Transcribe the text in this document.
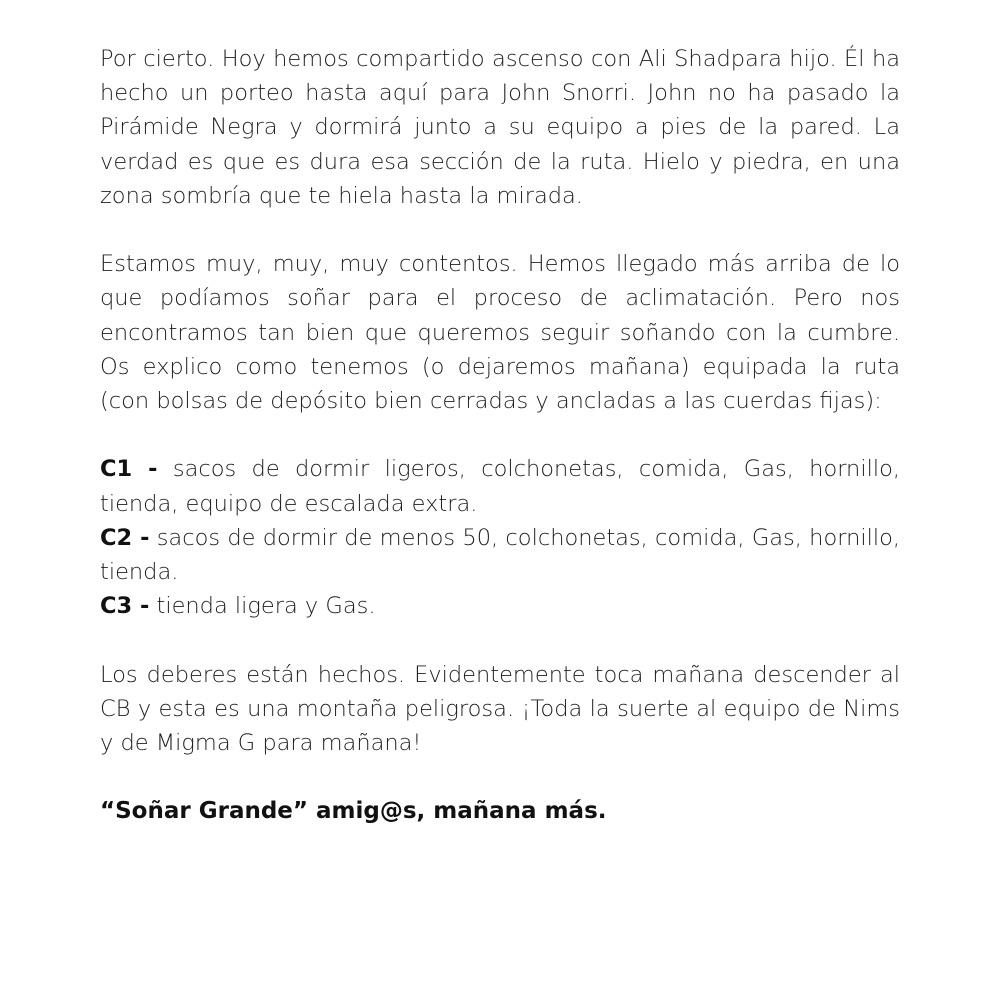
Por cierto. Hoy hemos compartido ascenso con Ali Shadpara hijo. Él ha hecho un porteo hasta aquí para John Snorri. John no ha pasado la Pirámide Negra y dormirá junto a su equipo a pies de la pared. La verdad es que es dura esa sección de la ruta. Hielo y piedra, en una zona sombría que te hiela hasta la mirada.

Estamos muy, muy, muy contentos. Hemos llegado más arriba de lo que podíamos soñar para el proceso de aclimatación. Pero nos encontramos tan bien que queremos seguir soñando con la cumbre. Os explico como tenemos (o dejaremos mañana) equipada la ruta (con bolsas de depósito bien cerradas y ancladas a las cuerdas fijas):

C1 - sacos de dormir ligeros, colchonetas, comida, Gas, hornillo, tienda, equipo de escalada extra.

C2 - sacos de dormir de menos 50, colchonetas, comida, Gas, hornillo, tienda.

C3 - tienda ligera y Gas.

Los deberes están hechos. Evidentemente toca mañana descender al CB y esta es una montaña peligrosa. ¡Toda la suerte al equipo de Nims y de Migma G para mañana!

“Soñar Grande” amig@s, mañana más.
